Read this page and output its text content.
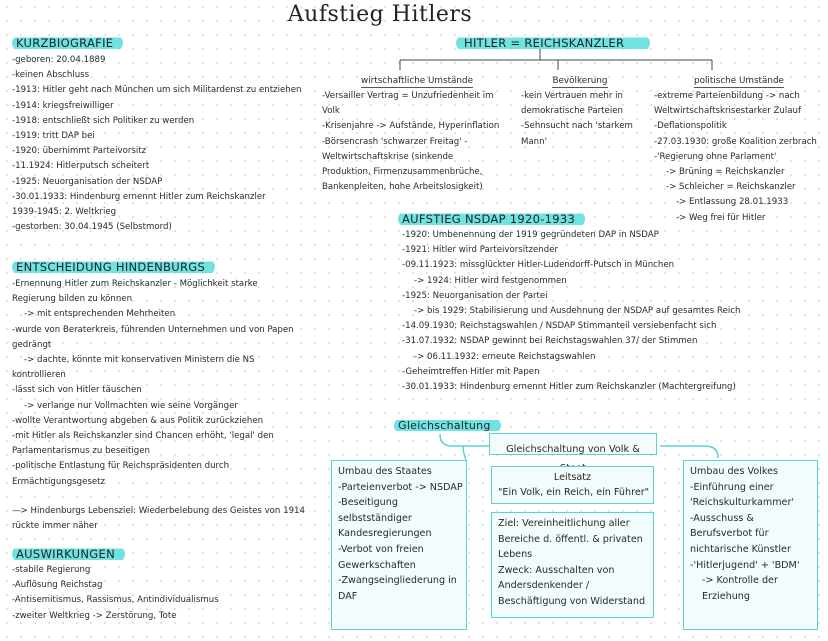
Aufstieg Hitlers
KURZBIOGRAFIE
-geboren: 20.04.1889
-keinen Abschluss
-1913: Hitler geht nach München um sich Militardenst zu entziehen
-1914: kriegsfreiwilliger
-1918: entschließt sich Politiker zu werden
-1919: tritt DAP bei
-1920: übernimmt Parteivorsitz
-11.1924: Hitlerputsch scheitert
-1925: Neuorganisation der NSDAP
-30.01.1933: Hindenburg ernennt Hitler zum Reichskanzler
1939-1945: 2. Weltkrieg
-gestorben: 30.04.1945 (Selbstmord)
ENTSCHEIDUNG HINDENBURGS
-Ernennung Hitler zum Reichskanzler - Möglichkeit starke
Regierung bilden zu können
-> mit entsprechenden Mehrheiten
-wurde von Beraterkreis, führenden Unternehmen und von Papen
gedrängt
-> dachte, könnte mit konservativen Ministern die NS
kontrollieren
-lässt sich von Hitler täuschen
-> verlange nur Vollmachten wie seine Vorgänger
-wollte Verantwortung abgeben & aus Politik zurückziehen
-mit Hitler als Reichskanzler sind Chancen erhöht, 'legal' den
Parlamentarismus zu beseitigen
-politische Entlastung für Reichspräsidenten durch
Ermächtigungsgesetz
—> Hindenburgs Lebensziel: Wiederbelebung des Geistes von 1914
rückte immer näher
AUSWIRKUNGEN
-stabile Regierung
-Auflösung Reichstag
-Antisemitismus, Rassismus, Antindividualismus
-zweiter Weltkrieg -> Zerstörung, Tote
HITLER = REICHSKANZLER
wirtschaftliche Umstände
-Versailler Vertrag = Unzufriedenheit im
Volk
-Krisenjahre -> Aufstände, Hyperinflation
-Börsencrash 'schwarzer Freitag' -
Weltwirtschaftskrise (sinkende
Produktion, Firmenzusammenbrüche,
Bankenpleiten, hohe Arbeitslosigkeit)
Bevölkerung
-kein Vertrauen mehr in
demokratische Parteien
-Sehnsucht nach 'starkem
Mann'
politische Umstände
-extreme Parteienbildung -> nach
Weltwirtschaftskrisestarker Zulauf
-Deflationspolitik
-27.03.1930: große Koalition zerbrach
-'Regierung ohne Parlament'
-> Brüning = Reichskanzler
-> Schleicher = Reichskanzler
-> Entlassung 28.01.1933
-> Weg frei für Hitler
AUFSTIEG NSDAP 1920-1933
-1920: Umbenennung der 1919 gegründeten DAP in NSDAP
-1921: Hitler wird Parteivorsitzender
-09.11.1923: missglückter Hitler-Ludendorff-Putsch in München
-> 1924: Hitler wird festgenommen
-1925: Neuorganisation der Partei
-> bis 1929: Stabilisierung und Ausdehnung der NSDAP auf gesamtes Reich
-14.09.1930: Reichstagswahlen / NSDAP Stimmanteil versiebenfacht sich
-31.07.1932: NSDAP gewinnt bei Reichstagswahlen 37/ der Stimmen
-> 06.11.1932: erneute Reichstagswahlen
-Geheimtreffen Hitler mit Papen
-30.01.1933: Hindenburg ernennt Hitler zum Reichskanzler (Machtergreifung)
Gleichschaltung
Gleichschaltung von Volk &
Umbau des Staates
-Parteienverbot -> NSDAP
-Beseitigung
selbstständiger
Kandesregierungen
-Verbot von freien
Gewerkschaften
-Zwangseingliederung in
DAF
Leitsatz
"Ein Volk, ein Reich, ein Führer"
Ziel: Vereinheitlichung aller
Bereiche d. öffentl. & privaten
Lebens
Zweck: Ausschalten von
Andersdenkender /
Beschäftigung von Widerstand
Umbau des Volkes
-Einführung einer
'Reichskulturkammer'
-Ausschuss &
Berufsverbot für
nichtarische Künstler
-'Hitlerjugend' + 'BDM'
-> Kontrolle der
Erziehung
